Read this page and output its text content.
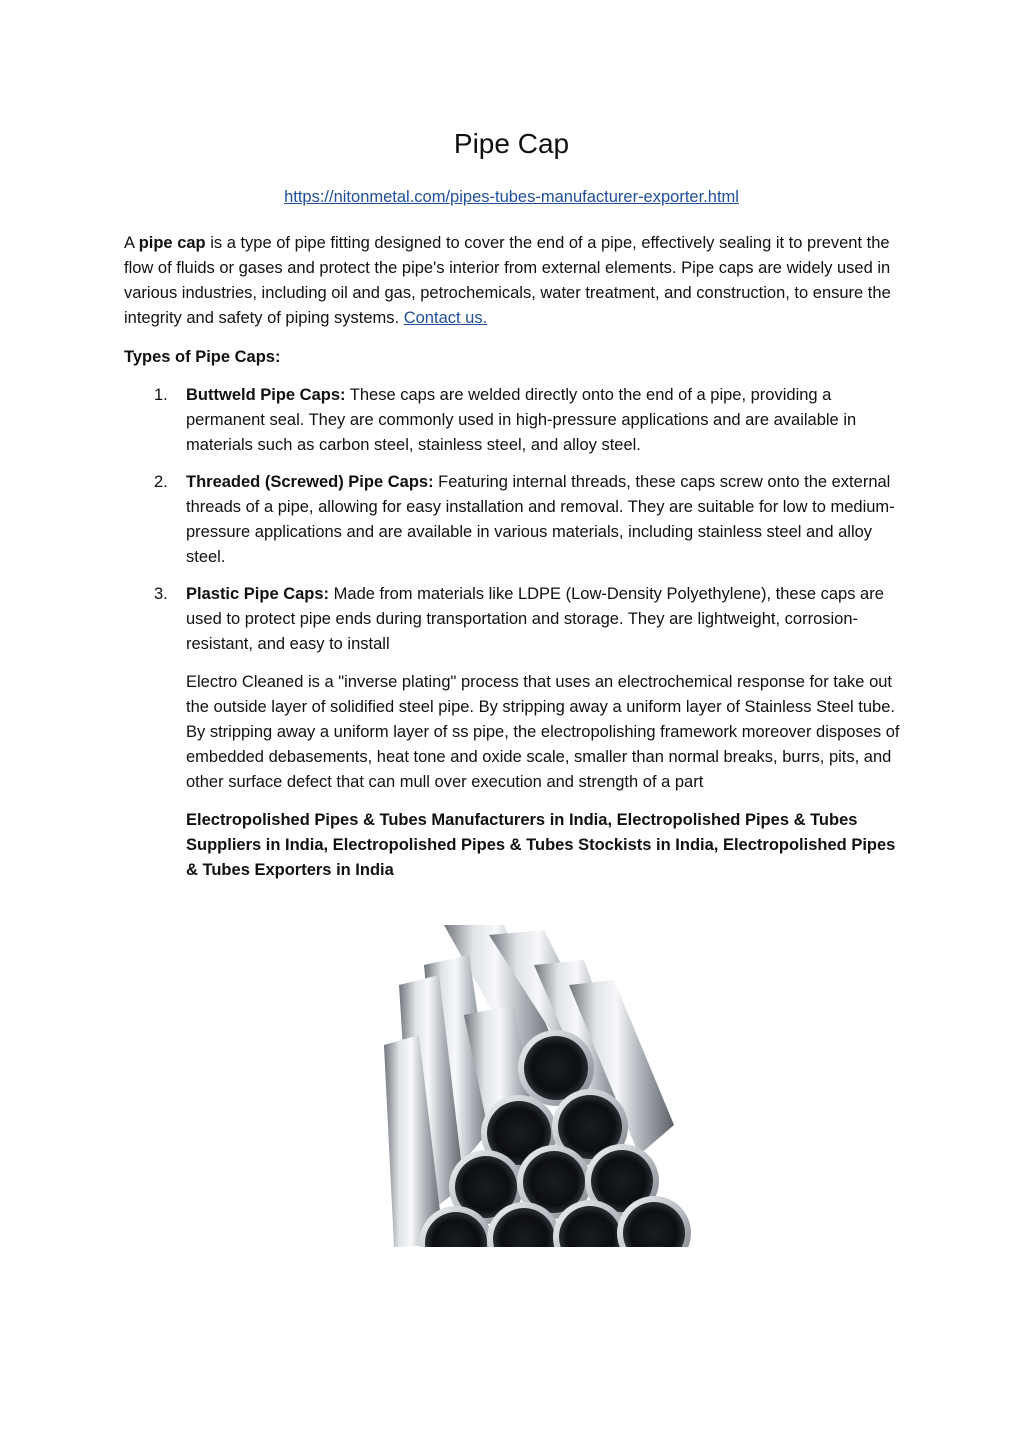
Pipe Cap
https://nitonmetal.com/pipes-tubes-manufacturer-exporter.html

A pipe cap is a type of pipe fitting designed to cover the end of a pipe, effectively sealing it to prevent the flow of fluids or gases and protect the pipe's interior from external elements. Pipe caps are widely used in various industries, including oil and gas, petrochemicals, water treatment, and construction, to ensure the integrity and safety of piping systems. Contact us.

Types of Pipe Caps:

1. Buttweld Pipe Caps: These caps are welded directly onto the end of a pipe, providing a permanent seal. They are commonly used in high-pressure applications and are available in materials such as carbon steel, stainless steel, and alloy steel.

2. Threaded (Screwed) Pipe Caps: Featuring internal threads, these caps screw onto the external threads of a pipe, allowing for easy installation and removal. They are suitable for low to medium-pressure applications and are available in various materials, including stainless steel and alloy steel.

3. Plastic Pipe Caps: Made from materials like LDPE (Low-Density Polyethylene), these caps are used to protect pipe ends during transportation and storage. They are lightweight, corrosion-resistant, and easy to install

Electro Cleaned is a "inverse plating" process that uses an electrochemical response for take out the outside layer of solidified steel pipe. By stripping away a uniform layer of Stainless Steel tube. By stripping away a uniform layer of ss pipe, the electropolishing framework moreover disposes of embedded debasements, heat tone and oxide scale, smaller than normal breaks, burrs, pits, and other surface defect that can mull over execution and strength of a part

Electropolished Pipes & Tubes Manufacturers in India, Electropolished Pipes & Tubes Suppliers in India, Electropolished Pipes & Tubes Stockists in India, Electropolished Pipes & Tubes Exporters in India
